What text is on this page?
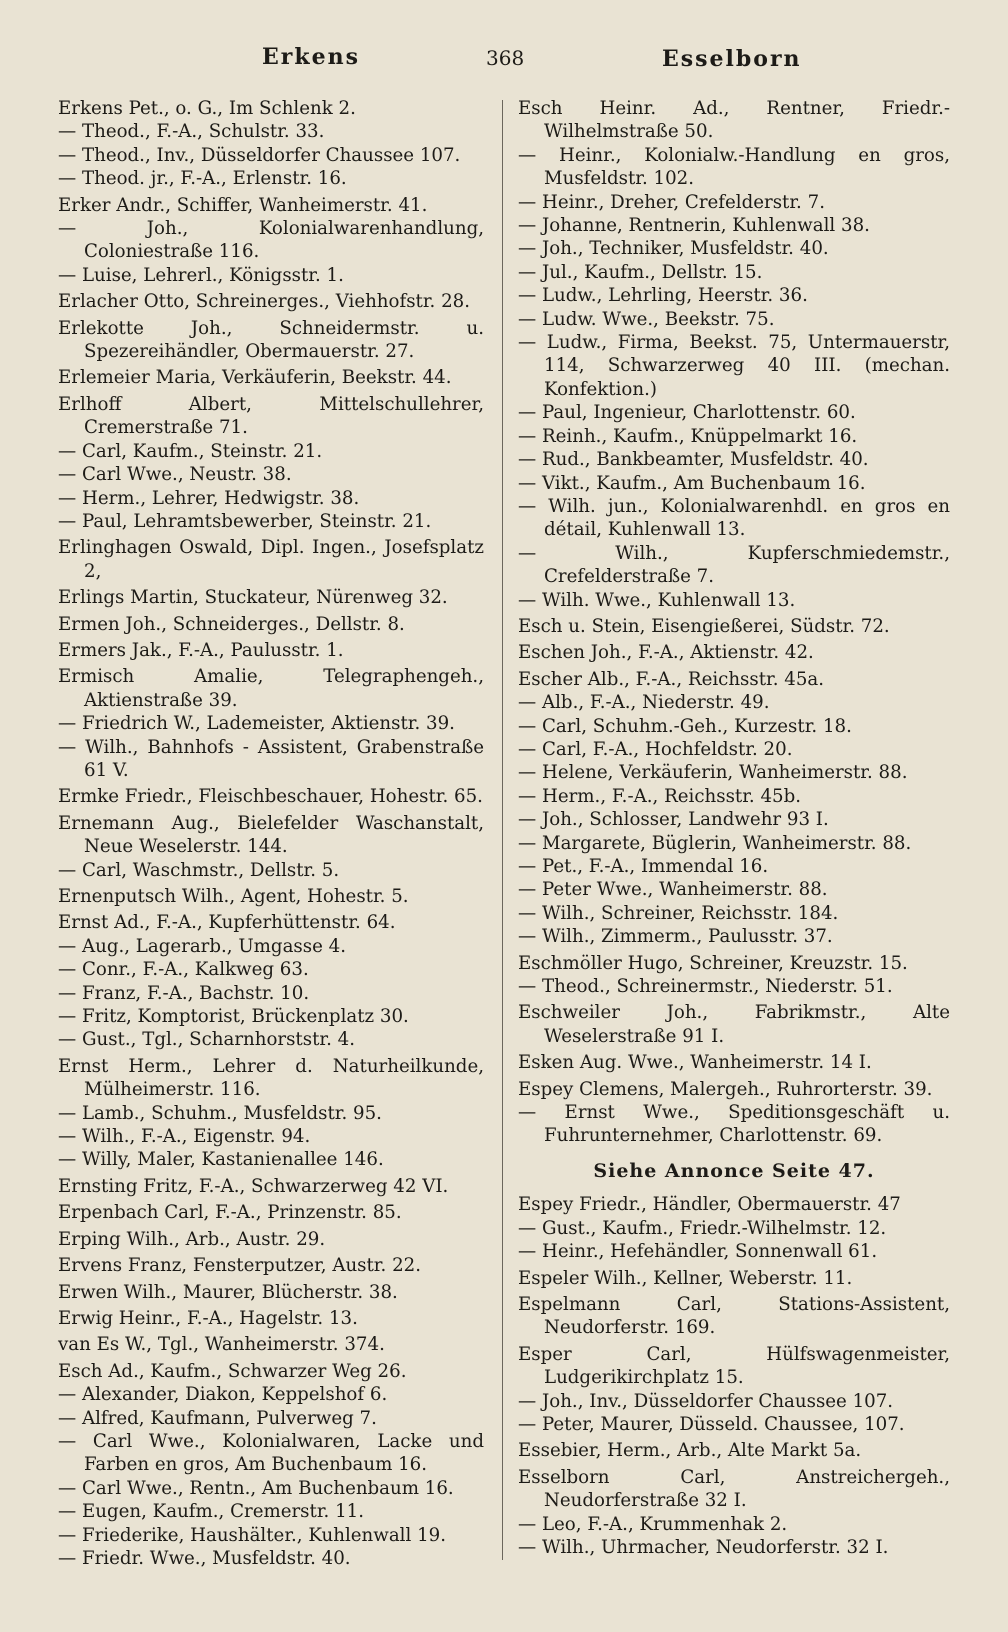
Erkens	368	Esselborn
Erkens Pet., o. G., Im Schlenk 2.
— Theod., F.-A., Schulstr. 33.
— Theod., Inv., Düsseldorfer Chaussee 107.
— Theod. jr., F.-A., Erlenstr. 16.
Erker Andr., Schiffer, Wanheimerstr. 41.
— Joh., Kolonialwarenhandlung, Coloniestraße 116.
— Luise, Lehrerl., Königsstr. 1.
Erlacher Otto, Schreinerges., Viehhofstr. 28.
Erlekotte Joh., Schneidermstr. u. Spezereihändler, Obermauerstr. 27.
Erlemeier Maria, Verkäuferin, Beekstr. 44.
Erlhoff Albert, Mittelschullehrer, Cremerstraße 71.
— Carl, Kaufm., Steinstr. 21.
— Carl Wwe., Neustr. 38.
— Herm., Lehrer, Hedwigstr. 38.
— Paul, Lehramtsbewerber, Steinstr. 21.
Erlinghagen Oswald, Dipl. Ingen., Josefsplatz 2,
Erlings Martin, Stuckateur, Nürenweg 32.
Ermen Joh., Schneiderges., Dellstr. 8.
Ermers Jak., F.-A., Paulusstr. 1.
Ermisch Amalie, Telegraphengeh., Aktienstraße 39.
— Friedrich W., Lademeister, Aktienstr. 39.
— Wilh., Bahnhofs - Assistent, Grabenstraße 61 V.
Ermke Friedr., Fleischbeschauer, Hohestr. 65.
Ernemann Aug., Bielefelder Waschanstalt, Neue Weselerstr. 144.
— Carl, Waschmstr., Dellstr. 5.
Ernenputsch Wilh., Agent, Hohestr. 5.
Ernst Ad., F.-A., Kupferhüttenstr. 64.
— Aug., Lagerarb., Umgasse 4.
— Conr., F.-A., Kalkweg 63.
— Franz, F.-A., Bachstr. 10.
— Fritz, Komptorist, Brückenplatz 30.
— Gust., Tgl., Scharnhorststr. 4.
Ernst Herm., Lehrer d. Naturheilkunde, Mülheimerstr. 116.
— Lamb., Schuhm., Musfeldstr. 95.
— Wilh., F.-A., Eigenstr. 94.
— Willy, Maler, Kastanienallee 146.
Ernsting Fritz, F.-A., Schwarzerweg 42 VI.
Erpenbach Carl, F.-A., Prinzenstr. 85.
Erping Wilh., Arb., Austr. 29.
Ervens Franz, Fensterputzer, Austr. 22.
Erwen Wilh., Maurer, Blücherstr. 38.
Erwig Heinr., F.-A., Hagelstr. 13.
van Es W., Tgl., Wanheimerstr. 374.
Esch Ad., Kaufm., Schwarzer Weg 26.
— Alexander, Diakon, Keppelshof 6.
— Alfred, Kaufmann, Pulverweg 7.
— Carl Wwe., Kolonialwaren, Lacke und Farben en gros, Am Buchenbaum 16.
— Carl Wwe., Rentn., Am Buchenbaum 16.
— Eugen, Kaufm., Cremerstr. 11.
— Friederike, Haushälter., Kuhlenwall 19.
— Friedr. Wwe., Musfeldstr. 40.
Esch Heinr. Ad., Rentner, Friedr.-Wilhelmstraße 50.
— Heinr., Kolonialw.-Handlung en gros, Musfeldstr. 102.
— Heinr., Dreher, Crefelderstr. 7.
— Johanne, Rentnerin, Kuhlenwall 38.
— Joh., Techniker, Musfeldstr. 40.
— Jul., Kaufm., Dellstr. 15.
— Ludw., Lehrling, Heerstr. 36.
— Ludw. Wwe., Beekstr. 75.
— Ludw., Firma, Beekst. 75, Untermauerstr, 114, Schwarzerweg 40 III. (mechan. Konfektion.)
— Paul, Ingenieur, Charlottenstr. 60.
— Reinh., Kaufm., Knüppelmarkt 16.
— Rud., Bankbeamter, Musfeldstr. 40.
— Vikt., Kaufm., Am Buchenbaum 16.
— Wilh. jun., Kolonialwarenhdl. en gros en détail, Kuhlenwall 13.
— Wilh., Kupferschmiedemstr., Crefelderstraße 7.
— Wilh. Wwe., Kuhlenwall 13.
Esch u. Stein, Eisengießerei, Südstr. 72.
Eschen Joh., F.-A., Aktienstr. 42.
Escher Alb., F.-A., Reichsstr. 45a.
— Alb., F.-A., Niederstr. 49.
— Carl, Schuhm.-Geh., Kurzestr. 18.
— Carl, F.-A., Hochfeldstr. 20.
— Helene, Verkäuferin, Wanheimerstr. 88.
— Herm., F.-A., Reichsstr. 45b.
— Joh., Schlosser, Landwehr 93 I.
— Margarete, Büglerin, Wanheimerstr. 88.
— Pet., F.-A., Immendal 16.
— Peter Wwe., Wanheimerstr. 88.
— Wilh., Schreiner, Reichsstr. 184.
— Wilh., Zimmerm., Paulusstr. 37.
Eschmöller Hugo, Schreiner, Kreuzstr. 15.
— Theod., Schreinermstr., Niederstr. 51.
Eschweiler Joh., Fabrikmstr., Alte Weselerstraße 91 I.
Esken Aug. Wwe., Wanheimerstr. 14 I.
Espey Clemens, Malergeh., Ruhrorterstr. 39.
— Ernst Wwe., Speditionsgeschäft u. Fuhrunternehmer, Charlottenstr. 69.
Siehe Annonce Seite 47.
Espey Friedr., Händler, Obermauerstr. 47
— Gust., Kaufm., Friedr.-Wilhelmstr. 12.
— Heinr., Hefehändler, Sonnenwall 61.
Espeler Wilh., Kellner, Weberstr. 11.
Espelmann Carl, Stations-Assistent, Neudorferstr. 169.
Esper Carl, Hülfswagenmeister, Ludgerikirchplatz 15.
— Joh., Inv., Düsseldorfer Chaussee 107.
— Peter, Maurer, Düsseld. Chaussee, 107.
Essebier, Herm., Arb., Alte Markt 5a.
Esselborn Carl, Anstreichergeh., Neudorferstraße 32 I.
— Leo, F.-A., Krummenhak 2.
— Wilh., Uhrmacher, Neudorferstr. 32 I.
